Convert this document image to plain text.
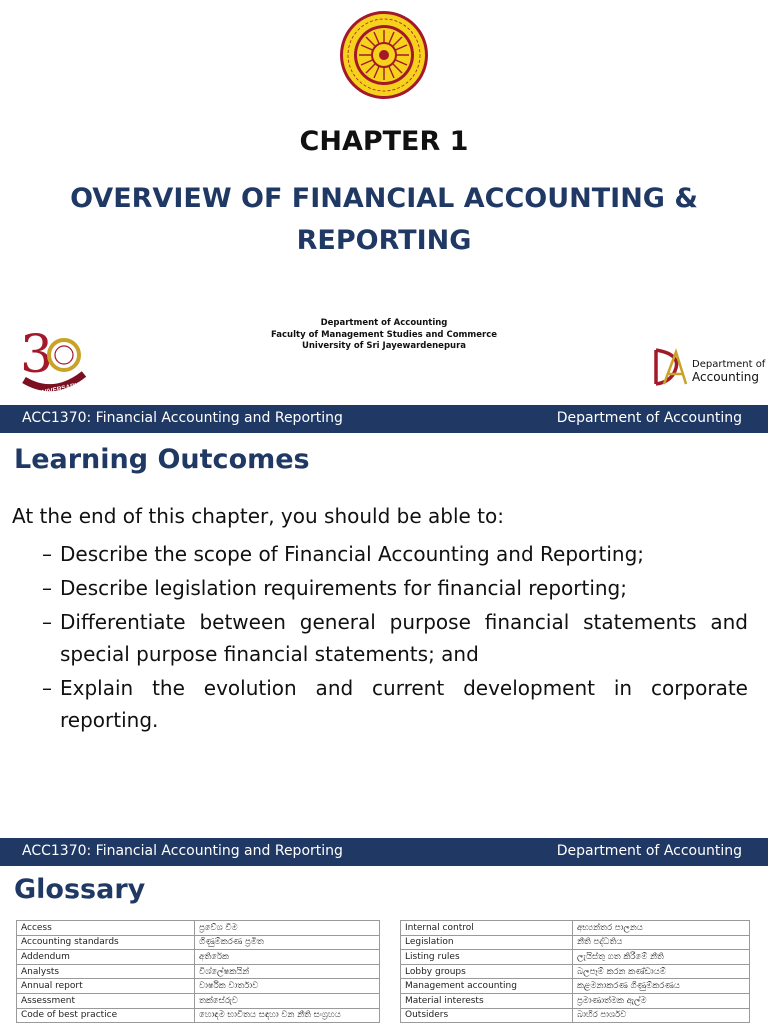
CHAPTER 1
OVERVIEW OF FINANCIAL ACCOUNTING &
REPORTING
Department of Accounting
Faculty of Management Studies and Commerce
University of Sri Jayewardenepura
3
ANNIVERSARY
Department of
Accounting
ACC1370: Financial Accounting and Reporting	Department of Accounting
Learning Outcomes
At the end of this chapter, you should be able to:
– Describe the scope of Financial Accounting and Reporting;
– Describe legislation requirements for financial reporting;
– Differentiate between general purpose financial statements and special purpose financial statements; and
– Explain the evolution and current development in corporate reporting.
ACC1370: Financial Accounting and Reporting	Department of Accounting
Glossary
Access	ප්‍රවේශ වීම
Accounting standards	ගිණුම්කරණ ප්‍රමිත
Addendum	අතිරේක
Analysts	විශ්ලේෂකයින්
Annual report	වාර්ෂික වාර්තාව
Assessment	තක්සේරුව
Code of best practice	හොඳම භාවිතය සඳහා වන නීති සංග්‍රහය
Internal control	අභ්‍යන්තර පාලනය
Legislation	නීති පද්ධතිය
Listing rules	ලැයිස්තු ගත කිරීමේ නීති
Lobby groups	බලපෑම් කරන කණ්ඩායම්
Management accounting	කළමනාකරණ ගිණුම්කරණය
Material interests	ප්‍රමාණාත්මක ඇල්ම
Outsiders	බාහිර පාර්ශව
